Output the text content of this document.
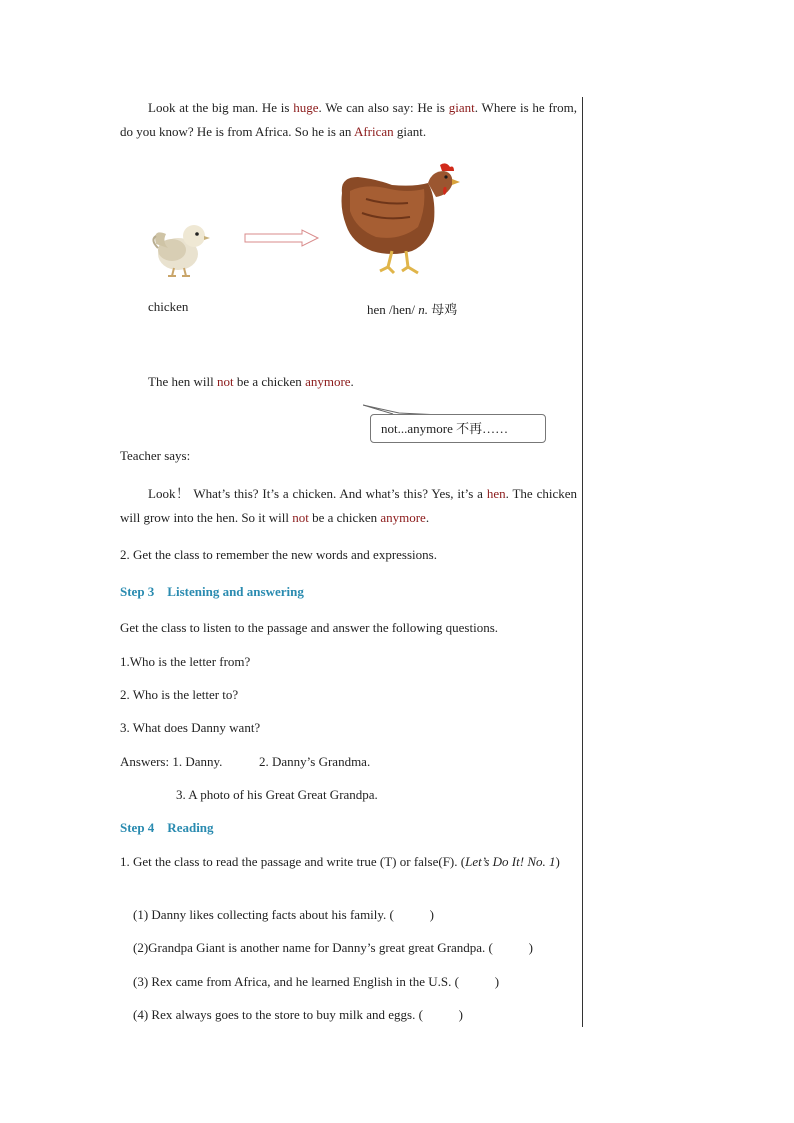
Look at the big man. He is huge. We can also say: He is giant. Where is he from, do you know? He is from Africa. So he is an African giant.
chicken	hen /hen/ n. 母鸡
The hen will not be a chicken anymore.
not...anymore 不再……
Teacher says:
Look！ What’s this? It’s a chicken. And what’s this? Yes, it’s a hen. The chicken will grow into the hen. So it will not be a chicken anymore.
2. Get the class to remember the new words and expressions.
Step 3    Listening and answering
Get the class to listen to the passage and answer the following questions.
1.Who is the letter from?
2. Who is the letter to?
3. What does Danny want?
Answers: 1. Danny.	2. Danny’s Grandma.
3. A photo of his Great Great Grandpa.
Step 4    Reading
1. Get the class to read the passage and write true (T) or false(F). (Let’s Do It! No. 1)
(1) Danny likes collecting facts about his family. (           )
(2)Grandpa Giant is another name for Danny’s great great Grandpa. (           )
(3) Rex came from Africa, and he learned English in the U.S. (           )
(4) Rex always goes to the store to buy milk and eggs. (           )
